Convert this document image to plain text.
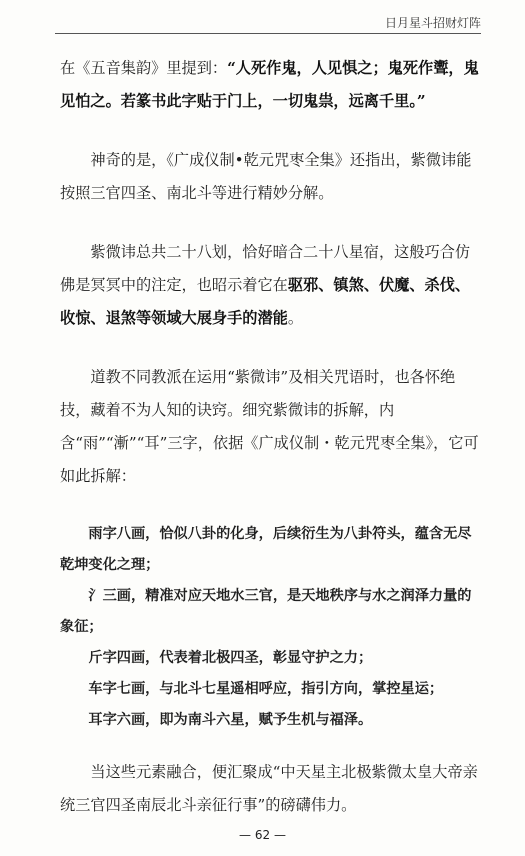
日月星斗招财灯阵

在《五音集韵》里提到：“人死作鬼，人见惧之；鬼死作聻，鬼见怕之。若篆书此字贴于门上，一切鬼祟，远离千里。”

神奇的是，《广成仪制•乾元咒枣全集》还指出，紫微讳能按照三官四圣、南北斗等进行精妙分解。

紫微讳总共二十八划，恰好暗合二十八星宿，这般巧合仿佛是冥冥中的注定，也昭示着它在驱邪、镇煞、伏魔、杀伐、收惊、退煞等领域大展身手的潜能。

道教不同教派在运用“紫微讳”及相关咒语时，也各怀绝技，藏着不为人知的诀窍。细究紫微讳的拆解，内含“雨”“漸”“耳”三字，依据《广成仪制・乾元咒枣全集》，它可如此拆解：

雨字八画，恰似八卦的化身，后续衍生为八卦符头，蕴含无尽乾坤变化之理；

氵三画，精准对应天地水三官，是天地秩序与水之润泽力量的象征；

斤字四画，代表着北极四圣，彰显守护之力；

车字七画，与北斗七星遥相呼应，指引方向，掌控星运；

耳字六画，即为南斗六星，赋予生机与福泽。

当这些元素融合，便汇聚成“中天星主北极紫微太皇大帝亲统三官四圣南辰北斗亲征行事”的磅礴伟力。

— 62 —
